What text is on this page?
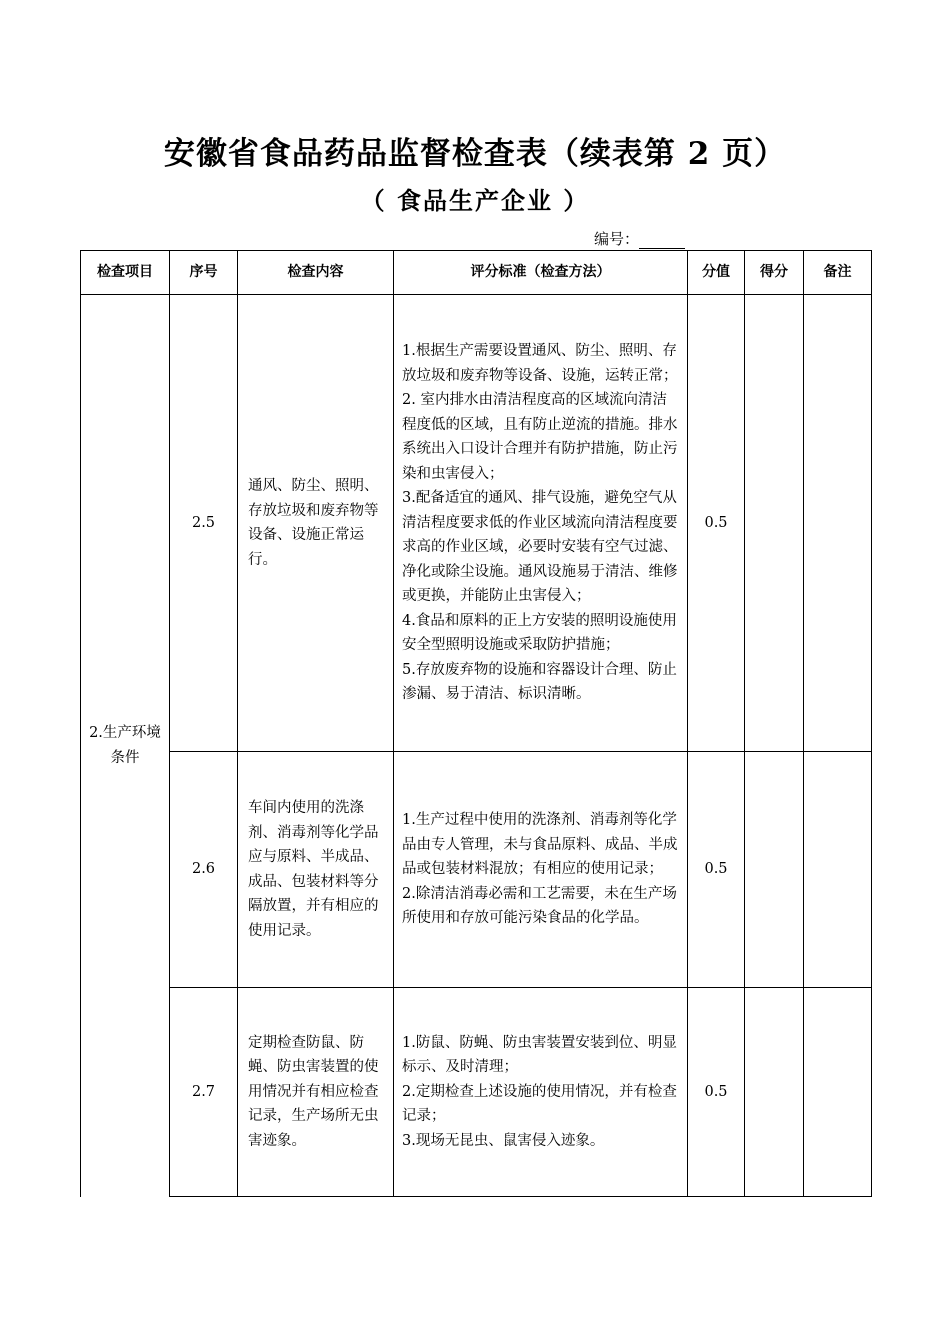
安徽省食品药品监督检查表（续表第 2 页）
（ 食品生产企业 ）
编号：
检查项目	序号	检查内容	评分标准（检查方法）	分值	得分	备注
2.生产环境条件	2.5	通风、防尘、照明、存放垃圾和废弃物等设备、设施正常运行。	1.根据生产需要设置通风、防尘、照明、存放垃圾和废弃物等设备、设施，运转正常；
2. 室内排水由清洁程度高的区域流向清洁程度低的区域，且有防止逆流的措施。排水系统出入口设计合理并有防护措施，防止污染和虫害侵入；
3.配备适宜的通风、排气设施，避免空气从清洁程度要求低的作业区域流向清洁程度要求高的作业区域，必要时安装有空气过滤、净化或除尘设施。通风设施易于清洁、维修或更换，并能防止虫害侵入；
4.食品和原料的正上方安装的照明设施使用安全型照明设施或采取防护措施；
5.存放废弃物的设施和容器设计合理、防止渗漏、易于清洁、标识清晰。	0.5		
	2.6	车间内使用的洗涤剂、消毒剂等化学品应与原料、半成品、成品、包装材料等分隔放置，并有相应的使用记录。	1.生产过程中使用的洗涤剂、消毒剂等化学品由专人管理，未与食品原料、成品、半成品或包装材料混放；有相应的使用记录；
2.除清洁消毒必需和工艺需要，未在生产场所使用和存放可能污染食品的化学品。	0.5		
	2.7	定期检查防鼠、防蝇、防虫害装置的使用情况并有相应检查记录，生产场所无虫害迹象。	1.防鼠、防蝇、防虫害装置安装到位、明显标示、及时清理；
2.定期检查上述设施的使用情况，并有检查记录；
3.现场无昆虫、鼠害侵入迹象。	0.5		
